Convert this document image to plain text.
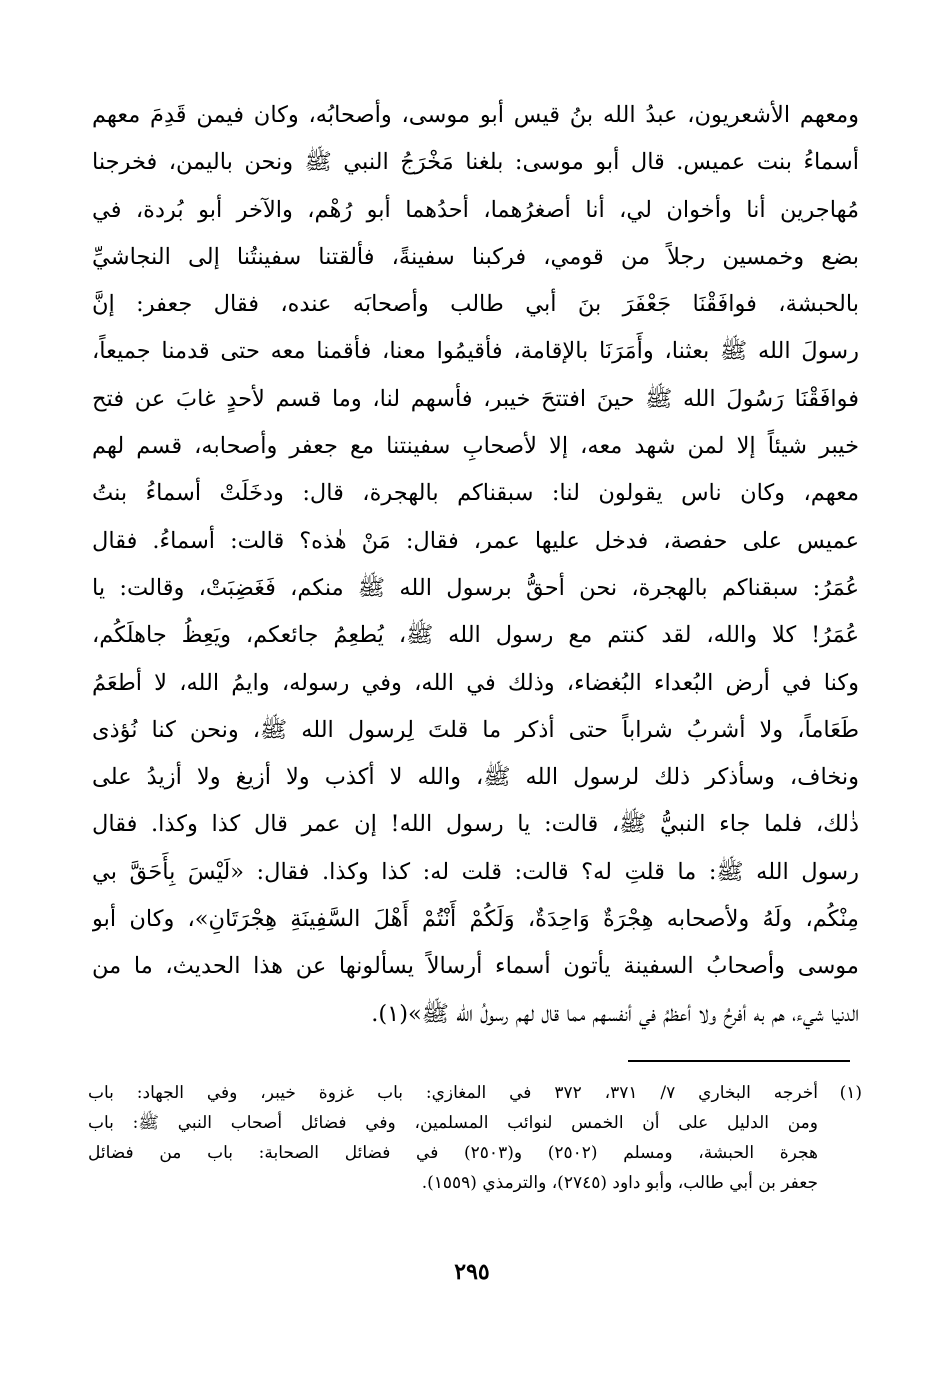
ومعهم الأشعريون، عبدُ الله بنُ قيس أبو موسى، وأصحابُه، وكان فيمن قَدِمَ معهم
أسماءُ بنت عميس. قال أبو موسى: بلغنا مَخْرَجُ النبي ﷺ ونحن باليمن، فخرجنا
مُهاجرين أنا وأخوان لي، أنا أصغرُهما، أحدُهما أبو رُهْم، والآخر أبو بُردة، في
بضع وخمسين رجلاً من قومي، فركبنا سفينةً، فألقتنا سفينتُنا إلى النجاشيِّ
بالحبشة، فوافَقْنَا جَعْفَرَ بنَ أبي طالب وأصحابَه عنده، فقال جعفر: إنَّ
رسولَ الله ﷺ بعثنا، وأَمَرَنَا بالإقامة، فأقيمُوا معنا، فأقمنا معه حتى قدمنا جميعاً،
فوافَقْنَا رَسُولَ الله ﷺ حينَ افتتحَ خيبر، فأسهم لنا، وما قسم لأحدٍ غابَ عن فتح
خيبر شيئاً إلا لمن شهد معه، إلا لأصحابِ سفينتنا مع جعفر وأصحابه، قسم لهم
معهم، وكان ناس يقولون لنا: سبقناكم بالهجرة، قال: ودخَلَتْ أسماءُ بنتُ
عميس على حفصة، فدخل عليها عمر، فقال: مَنْ هٰذه؟ قالت: أسماءُ. فقال
عُمَرُ: سبقناكم بالهجرة، نحن أحقُّ برسول الله ﷺ منكم، فَغَضِبَتْ، وقالت: يا
عُمَرُ! كلا والله، لقد كنتم مع رسول الله ﷺ، يُطعِمُ جائعكم، ويَعِظُ جاهلَكُم،
وكنا في أرض البُعداء البُغضاء، وذلك في الله، وفي رسوله، وايمُ الله، لا أطعَمُ
طَعَاماً، ولا أشربُ شراباً حتى أذكر ما قلتَ لِرسول الله ﷺ، ونحن كنا نُؤذى
ونخاف، وسأذكر ذلك لرسول الله ﷺ، والله لا أكذب ولا أزيغ ولا أزيدُ على
ذٰلك، فلما جاء النبيُّ ﷺ، قالت: يا رسول الله! إن عمر قال كذا وكذا. فقال
رسول الله ﷺ: ما قلتِ له؟ قالت: قلت له: كذا وكذا. فقال: «لَيْسَ بِأَحَقَّ بي
مِنْكُم، ولَهُ ولأصحابه هِجْرَةٌ وَاحِدَةٌ، وَلَكُمْ أَنْتُمْ أَهْلَ السَّفِينَةِ هِجْرَتَانِ»، وكان أبو
موسى وأصحابُ السفينة يأتون أسماء أرسالاً يسألونها عن هذا الحديث، ما من
الدنيا شيء، هم به أفرحُ ولا أعظمُ في أنفسهم مما قال لهم رسولُ الله ﷺ»(١).
(١)أخرجه البخاري ٧/ ٣٧١، ٣٧٢ في المغازي: باب غزوة خيبر، وفي الجهاد: باب
ومن الدليل على أن الخمس لنوائب المسلمين، وفي فضائل أصحاب النبي ﷺ: باب
هجرة الحبشة، ومسلم (٢٥٠٢) و(٢٥٠٣) في فضائل الصحابة: باب من فضائل
جعفر بن أبي طالب، وأبو داود (٢٧٤٥)، والترمذي (١٥٥٩).
٢٩٥
